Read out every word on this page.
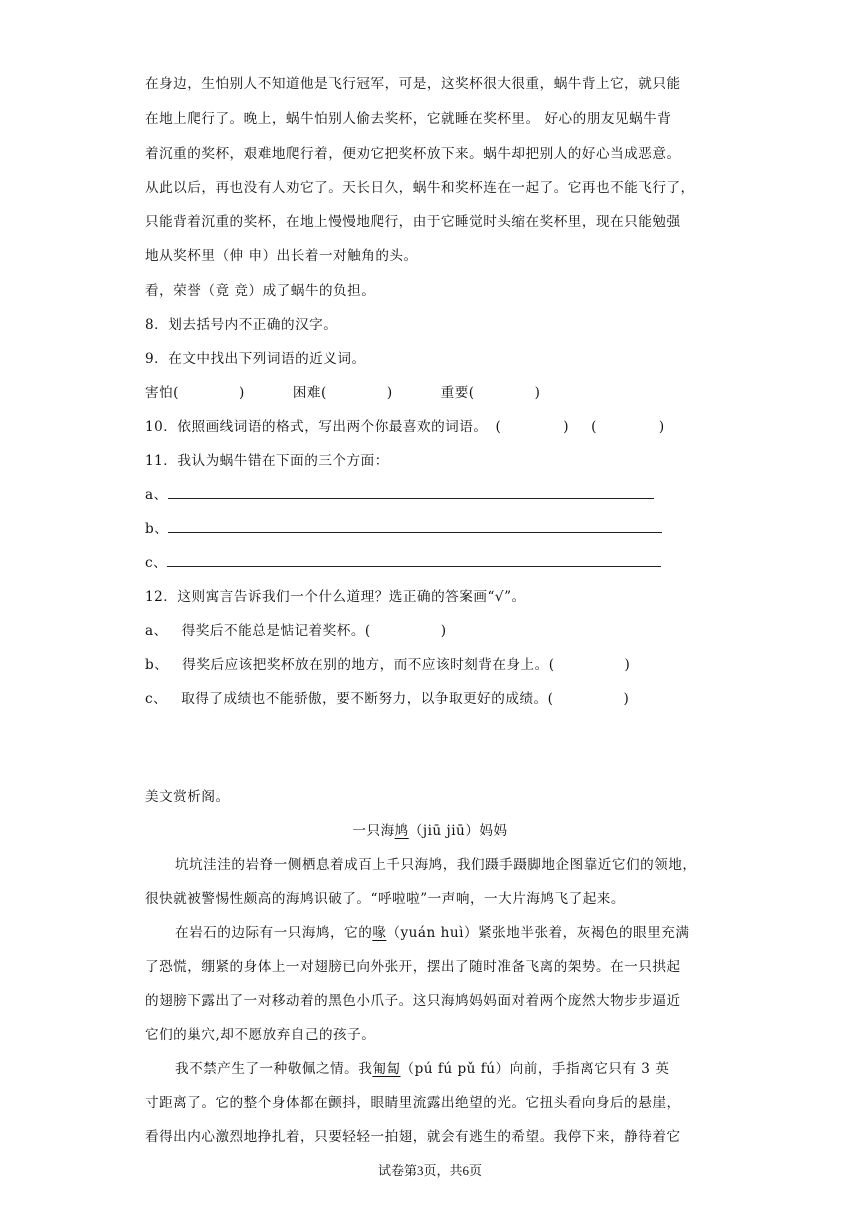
在身边，生怕别人不知道他是飞行冠军，可是，这奖杯很大很重，蜗牛背上它，就只能
在地上爬行了。晚上，蜗牛怕别人偷去奖杯，它就睡在奖杯里。 好心的朋友见蜗牛背
着沉重的奖杯，艰难地爬行着，便劝它把奖杯放下来。蜗牛却把别人的好心当成恶意。
从此以后，再也没有人劝它了。天长日久，蜗牛和奖杯连在一起了。它再也不能飞行了，
只能背着沉重的奖杯，在地上慢慢地爬行，由于它睡觉时头缩在奖杯里，现在只能勉强
地从奖杯里（伸 申）出长着一对触角的头。
看，荣誉（竟 竞）成了蜗牛的负担。
8．划去括号内不正确的汉字。
9．在文中找出下列词语的近义词。
害怕(	)	困难(	)	重要(	)
10．依照画线词语的格式，写出两个你最喜欢的词语。 (	) (	)
11．我认为蜗牛错在下面的三个方面：
a、
b、
c、
12．这则寓言告诉我们一个什么道理？选正确的答案画“√”。
a、 得奖后不能总是惦记着奖杯。(	)
b、 得奖后应该把奖杯放在别的地方，而不应该时刻背在身上。(	)
c、 取得了成绩也不能骄傲，要不断努力，以争取更好的成绩。(	)
美文赏析阁。
一只海鸠（jiū jiū）妈妈
坑坑洼洼的岩脊一侧栖息着成百上千只海鸠，我们蹑手蹑脚地企图靠近它们的领地，
很快就被警惕性颇高的海鸠识破了。“呼啦啦”一声响，一大片海鸠飞了起来。
在岩石的边际有一只海鸠，它的喙（yuán huì）紧张地半张着，灰褐色的眼里充满
了恐慌，绷紧的身体上一对翅膀已向外张开，摆出了随时准备飞离的架势。在一只拱起
的翅膀下露出了一对移动着的黑色小爪子。这只海鸠妈妈面对着两个庞然大物步步逼近
它们的巢穴,却不愿放弃自己的孩子。
我不禁产生了一种敬佩之情。我匍匐（pú fú pǔ fú）向前，手指离它只有 3 英
寸距离了。它的整个身体都在颤抖，眼睛里流露出绝望的光。它扭头看向身后的悬崖，
看得出内心激烈地挣扎着，只要轻轻一拍翅，就会有逃生的希望。我停下来，静待着它
试卷第3页，共6页
